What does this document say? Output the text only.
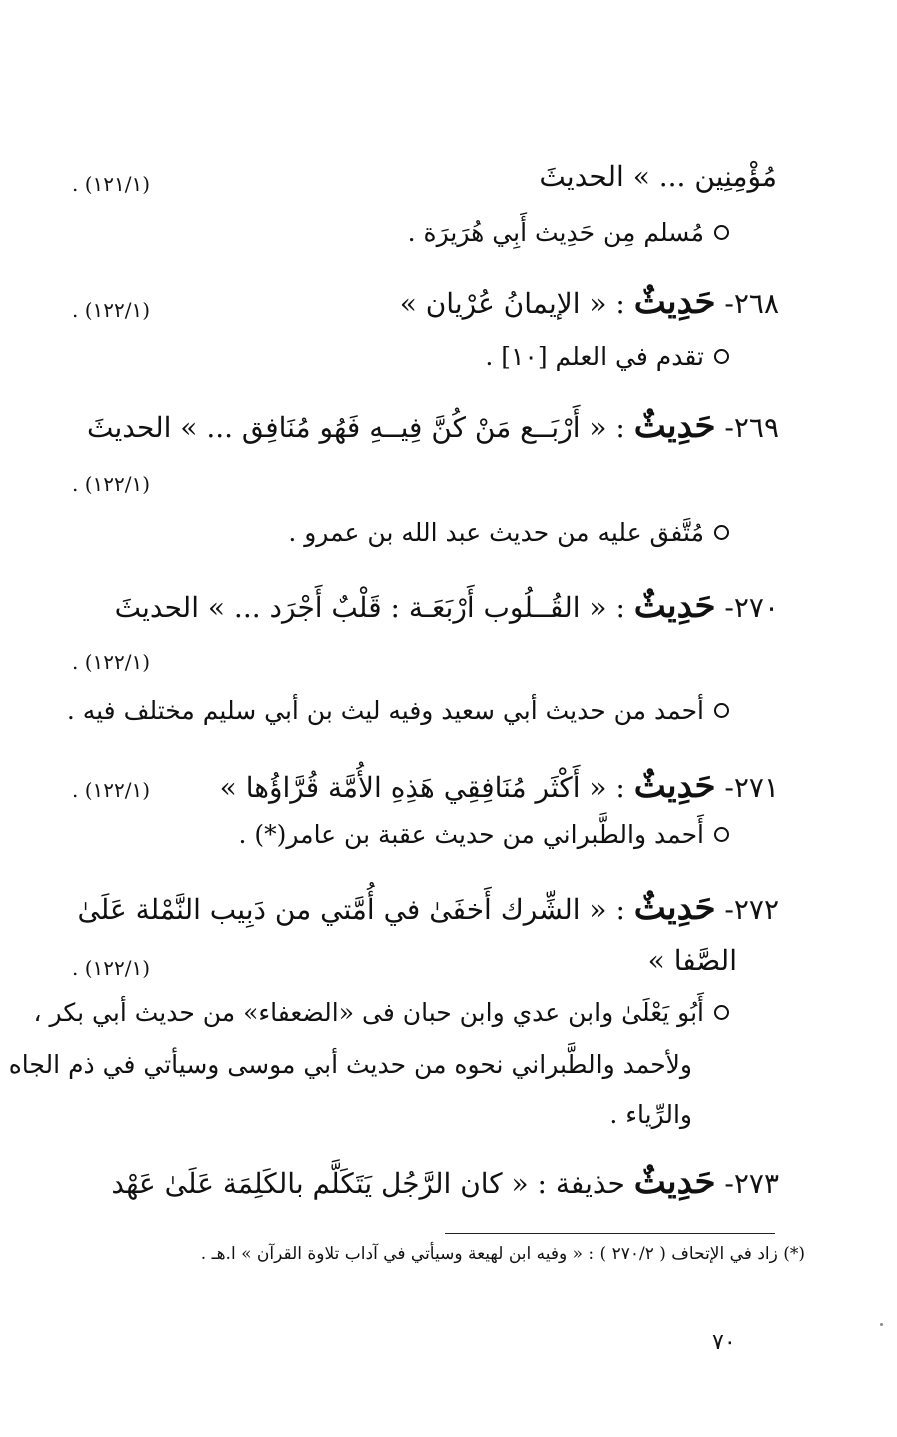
مُؤْمِنِين ... » الحديثَ
(١٢١/١) .
مُسلم مِن حَدِيث أَبِي هُرَيرَة .
٢٦٨- حَدِيثٌ : « الإيمانُ عُرْيان »
(١٢٢/١) .
تقدم في العلم [١٠] .
٢٦٩- حَدِيثٌ : « أَرْبَــع مَنْ كُنَّ فِيــهِ فَهُو مُنَافِق ... » الحديثَ
(١٢٢/١) .
مُتَّفق عليه من حديث عبد الله بن عمرو .
٢٧٠- حَدِيثٌ : « القُــلُوب أَرْبَعَـة : قَلْبٌ أَجْرَد ... » الحديثَ
(١٢٢/١) .
أحمد من حديث أبي سعيد وفيه ليث بن أبي سليم مختلف فيه .
٢٧١- حَدِيثٌ : « أَكْثَر مُنَافِقِي هَذِهِ الأُمَّة قُرَّاؤُها »
(١٢٢/١) .
أَحمد والطَّبراني من حديث عقبة بن عامر(*) .
٢٧٢- حَدِيثٌ : « الشِّرك أَخفَىٰ في أُمَّتي من دَبِيب النَّمْلة عَلَىٰ
الصَّفا »
(١٢٢/١) .
أَبُو يَعْلَىٰ وابن عدي وابن حبان فى «الضعفاء» من حديث أبي بكر ،
ولأحمد والطَّبراني نحوه من حديث أبي موسى وسيأتي في ذم الجاه
والرِّياء .
٢٧٣- حَدِيثٌ حذيفة : « كان الرَّجُل يَتَكَلَّم بالكَلِمَة عَلَىٰ عَهْد
(*) زاد في الإتحاف ( ٢٧٠/٢ ) : « وفيه ابن لهيعة وسيأتي في آداب تلاوة القرآن » ا.هـ .
٧٠
